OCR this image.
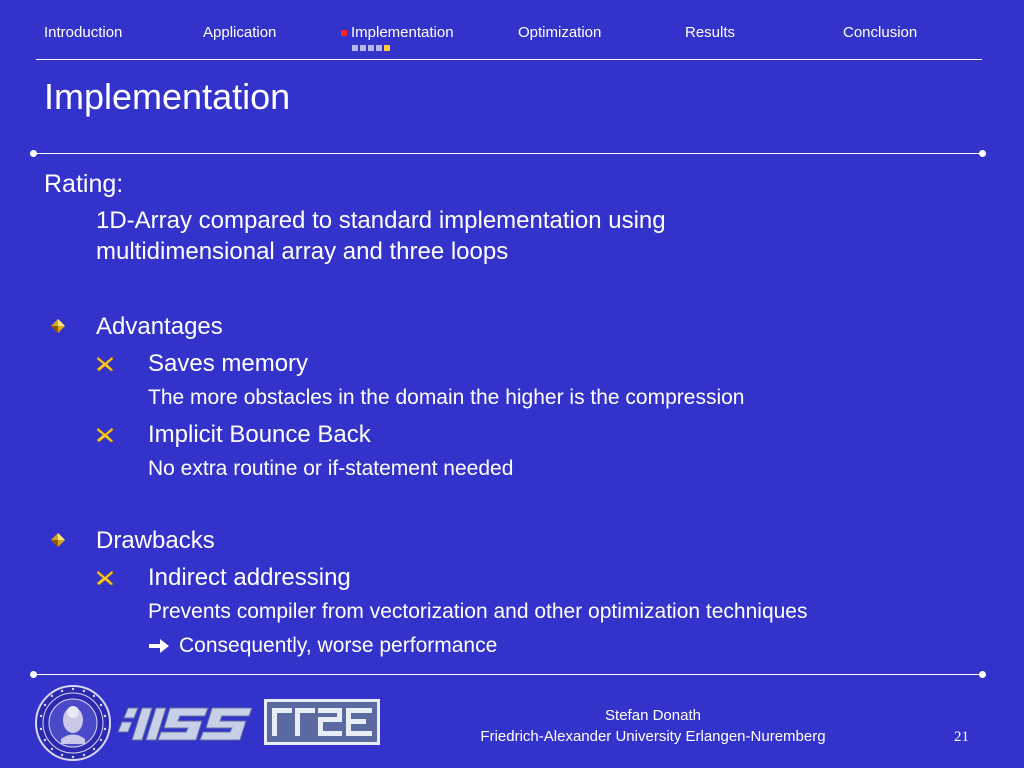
Introduction	Application	Implementation	Optimization	Results	Conclusion
Implementation
Rating:
1D-Array compared to standard implementation using
multidimensional array and three loops
Advantages
Saves memory
The more obstacles in the domain the higher is the compression
Implicit Bounce Back
No extra routine or if-statement needed
Drawbacks
Indirect addressing
Prevents compiler from vectorization and other optimization techniques
Consequently, worse performance
Stefan Donath
Friedrich-Alexander University Erlangen-Nuremberg	21
